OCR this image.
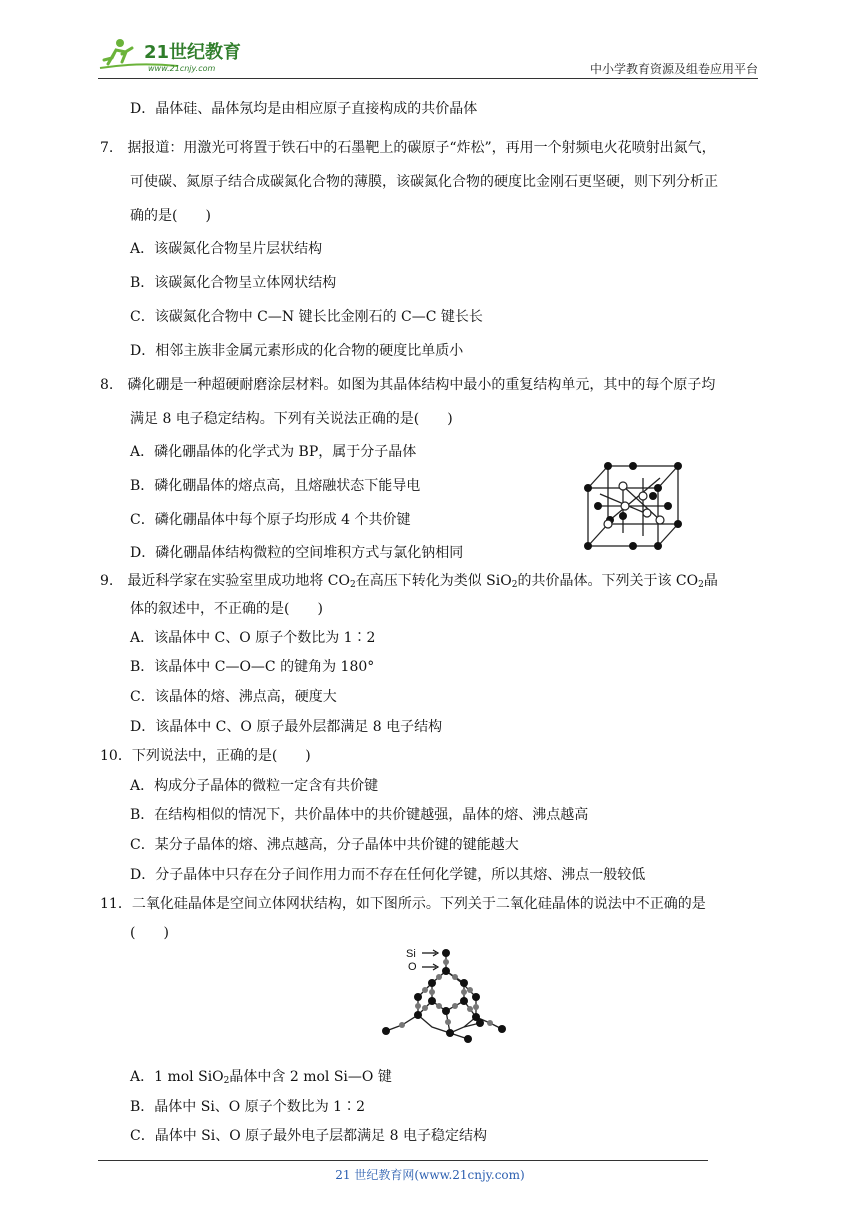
21世纪教育
www.21cnjy.com	中小学教育资源及组卷应用平台
D．晶体硅、晶体氖均是由相应原子直接构成的共价晶体
7.　据报道：用激光可将置于铁石中的石墨靶上的碳原子“炸松”，再用一个射频电火花喷射出氮气，
可使碳、氮原子结合成碳氮化合物的薄膜，该碳氮化合物的硬度比金刚石更坚硬，则下列分析正
确的是(　　)
A．该碳氮化合物呈片层状结构
B．该碳氮化合物呈立体网状结构
C．该碳氮化合物中 C—N 键长比金刚石的 C—C 键长长
D．相邻主族非金属元素形成的化合物的硬度比单质小
8.　磷化硼是一种超硬耐磨涂层材料。如图为其晶体结构中最小的重复结构单元，其中的每个原子均
满足 8 电子稳定结构。下列有关说法正确的是(　　)
A．磷化硼晶体的化学式为 BP，属于分子晶体
B．磷化硼晶体的熔点高，且熔融状态下能导电
C．磷化硼晶体中每个原子均形成 4 个共价键
D．磷化硼晶体结构微粒的空间堆积方式与氯化钠相同
9.　最近科学家在实验室里成功地将 $CO_2$在高压下转化为类似 SiO$_2$的共价晶体。下列关于该 $CO_2$晶
体的叙述中，不正确的是(　　)
A．该晶体中 C、O 原子个数比为 1∶2
B．该晶体中 C—O—C 的键角为 180°
C．该晶体的熔、沸点高，硬度大
D．该晶体中 C、O 原子最外层都满足 8 电子结构
10．下列说法中，正确的是(　　)
A．构成分子晶体的微粒一定含有共价键
B．在结构相似的情况下，共价晶体中的共价键越强，晶体的熔、沸点越高
C．某分子晶体的熔、沸点越高，分子晶体中共价键的键能越大
D．分子晶体中只存在分子间作用力而不存在任何化学键，所以其熔、沸点一般较低
11．二氧化硅晶体是空间立体网状结构，如下图所示。下列关于二氧化硅晶体的说法中不正确的是
(　　)
Si
O
A．1 mol SiO$_2$晶体中含 2 mol Si—O 键
B．晶体中 Si、O 原子个数比为 1∶2
C．晶体中 Si、O 原子最外电子层都满足 8 电子稳定结构
21 世纪教育网(www.21cnjy.com)
